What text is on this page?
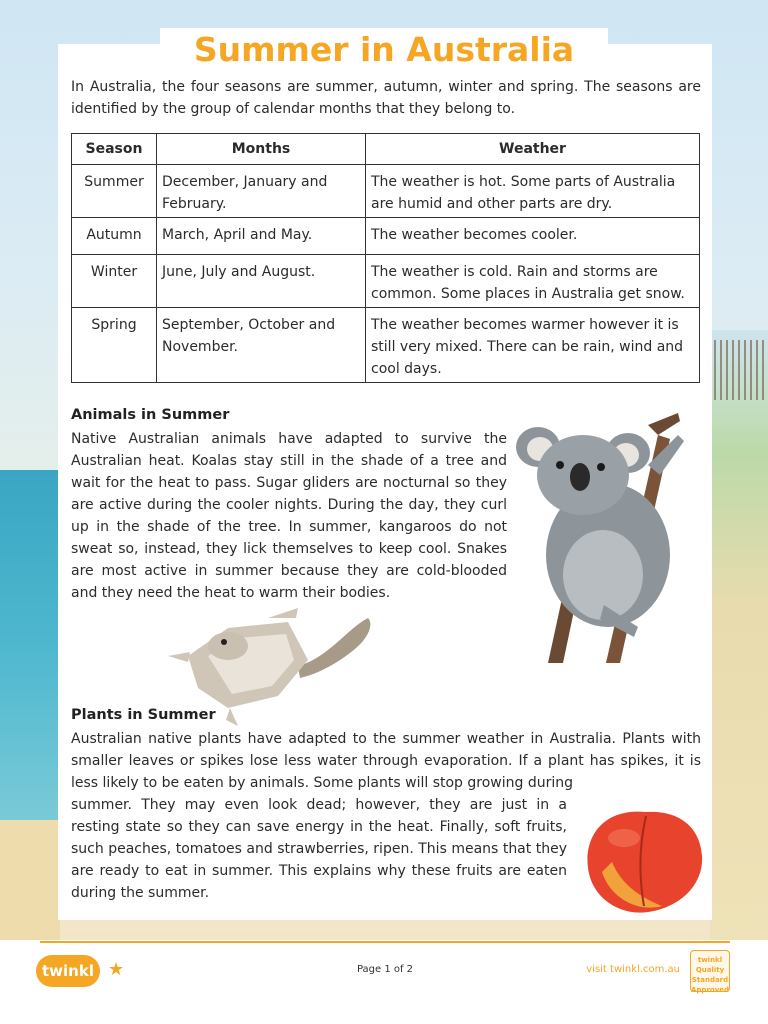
Summer in Australia
In Australia, the four seasons are summer, autumn, winter and spring. The seasons are identified by the group of calendar months that they belong to.
Season	Months	Weather
Summer	December, January and February.	The weather is hot. Some parts of Australia are humid and other parts are dry.
Autumn	March, April and May.	The weather becomes cooler.
Winter	June, July and August.	The weather is cold. Rain and storms are common. Some places in Australia get snow.
Spring	September, October and November.	The weather becomes warmer however it is still very mixed. There can be rain, wind and cool days.
Animals in Summer
Native Australian animals have adapted to survive the Australian heat. Koalas stay still in the shade of a tree and wait for the heat to pass. Sugar gliders are nocturnal so they are active during the cooler nights. During the day, they curl up in the shade of the tree. In summer, kangaroos do not sweat so, instead, they lick themselves to keep cool. Snakes are most active in summer because they are cold-blooded and they need the heat to warm their bodies.
Plants in Summer
Australian native plants have adapted to the summer weather in Australia. Plants with smaller leaves or spikes lose less water through evaporation. If a plant has spikes, it is less likely to be eaten by animals. Some plants will stop growing during
summer. They may even look dead; however, they are just in a resting state so they can save energy in the heat. Finally, soft fruits, such peaches, tomatoes and strawberries, ripen. This means that they are ready to eat in summer. This explains why these fruits are eaten during the summer.
twinkl ★	Page 1 of 2	visit twinkl.com.au
twinkl
Quality Standard Approved
